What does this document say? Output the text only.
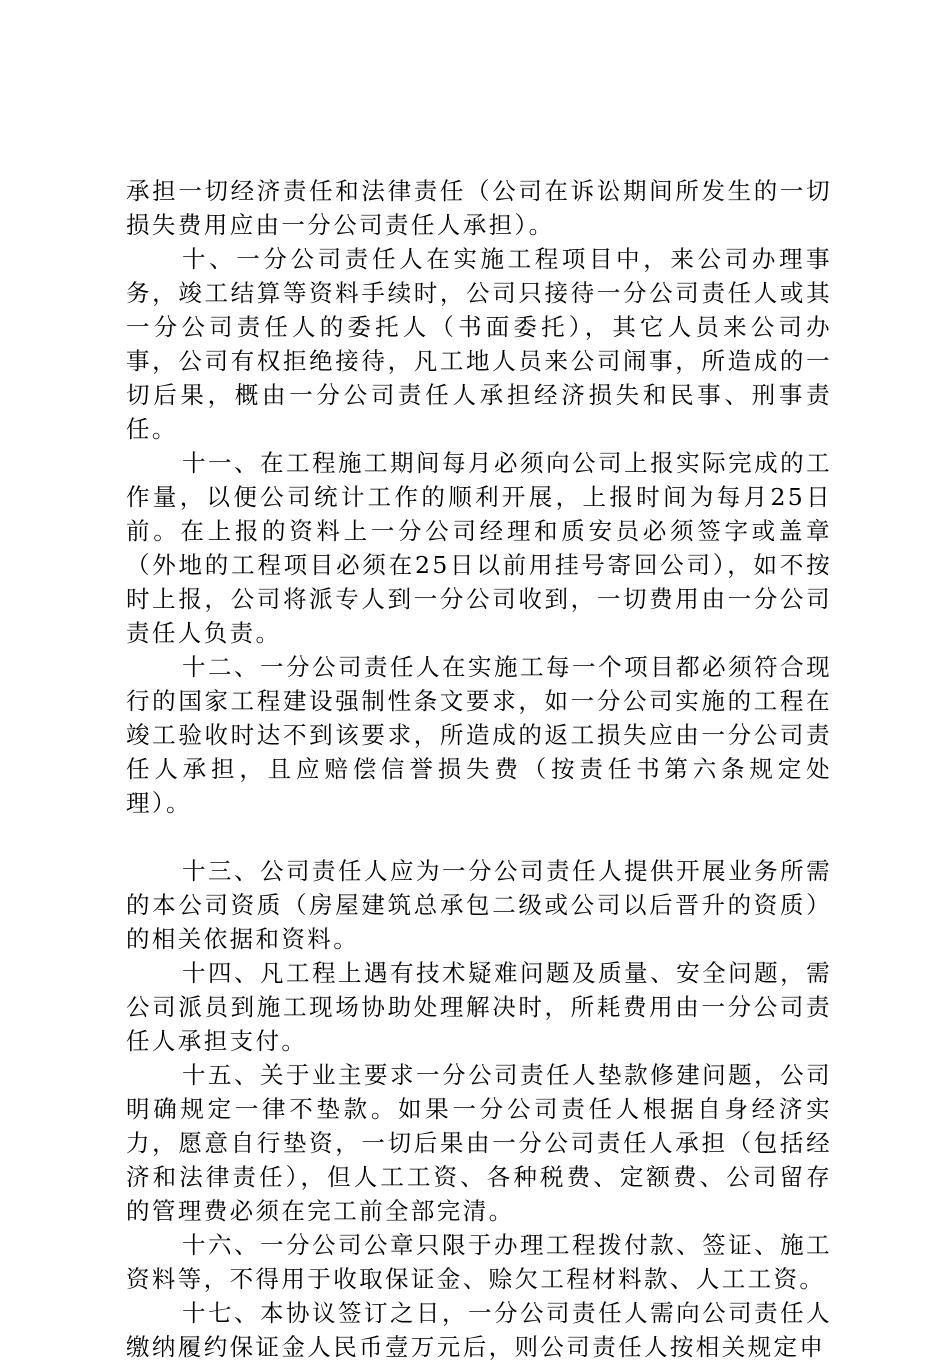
承担一切经济责任和法律责任（公司在诉讼期间所发生的一切损失费用应由一分公司责任人承担）。

十、一分公司责任人在实施工程项目中，来公司办理事务，竣工结算等资料手续时，公司只接待一分公司责任人或其一分公司责任人的委托人（书面委托），其它人员来公司办事，公司有权拒绝接待，凡工地人员来公司闹事，所造成的一切后果，概由一分公司责任人承担经济损失和民事、刑事责任。

十一、在工程施工期间每月必须向公司上报实际完成的工作量，以便公司统计工作的顺利开展，上报时间为每月25日前。在上报的资料上一分公司经理和质安员必须签字或盖章（外地的工程项目必须在25日以前用挂号寄回公司），如不按时上报，公司将派专人到一分公司收到，一切费用由一分公司责任人负责。

十二、一分公司责任人在实施工每一个项目都必须符合现行的国家工程建设强制性条文要求，如一分公司实施的工程在竣工验收时达不到该要求，所造成的返工损失应由一分公司责任人承担，且应赔偿信誉损失费（按责任书第六条规定处理）。

十三、公司责任人应为一分公司责任人提供开展业务所需的本公司资质（房屋建筑总承包二级或公司以后晋升的资质）的相关依据和资料。

十四、凡工程上遇有技术疑难问题及质量、安全问题，需公司派员到施工现场协助处理解决时，所耗费用由一分公司责任人承担支付。

十五、关于业主要求一分公司责任人垫款修建问题，公司明确规定一律不垫款。如果一分公司责任人根据自身经济实力，愿意自行垫资，一切后果由一分公司责任人承担（包括经济和法律责任），但人工工资、各种税费、定额费、公司留存的管理费必须在完工前全部完清。

十六、一分公司公章只限于办理工程拨付款、签证、施工资料等，不得用于收取保证金、赊欠工程材料款、人工工资。

十七、本协议签订之日，一分公司责任人需向公司责任人缴纳履约保证金人民币壹万元后，则公司责任人按相关规定申
